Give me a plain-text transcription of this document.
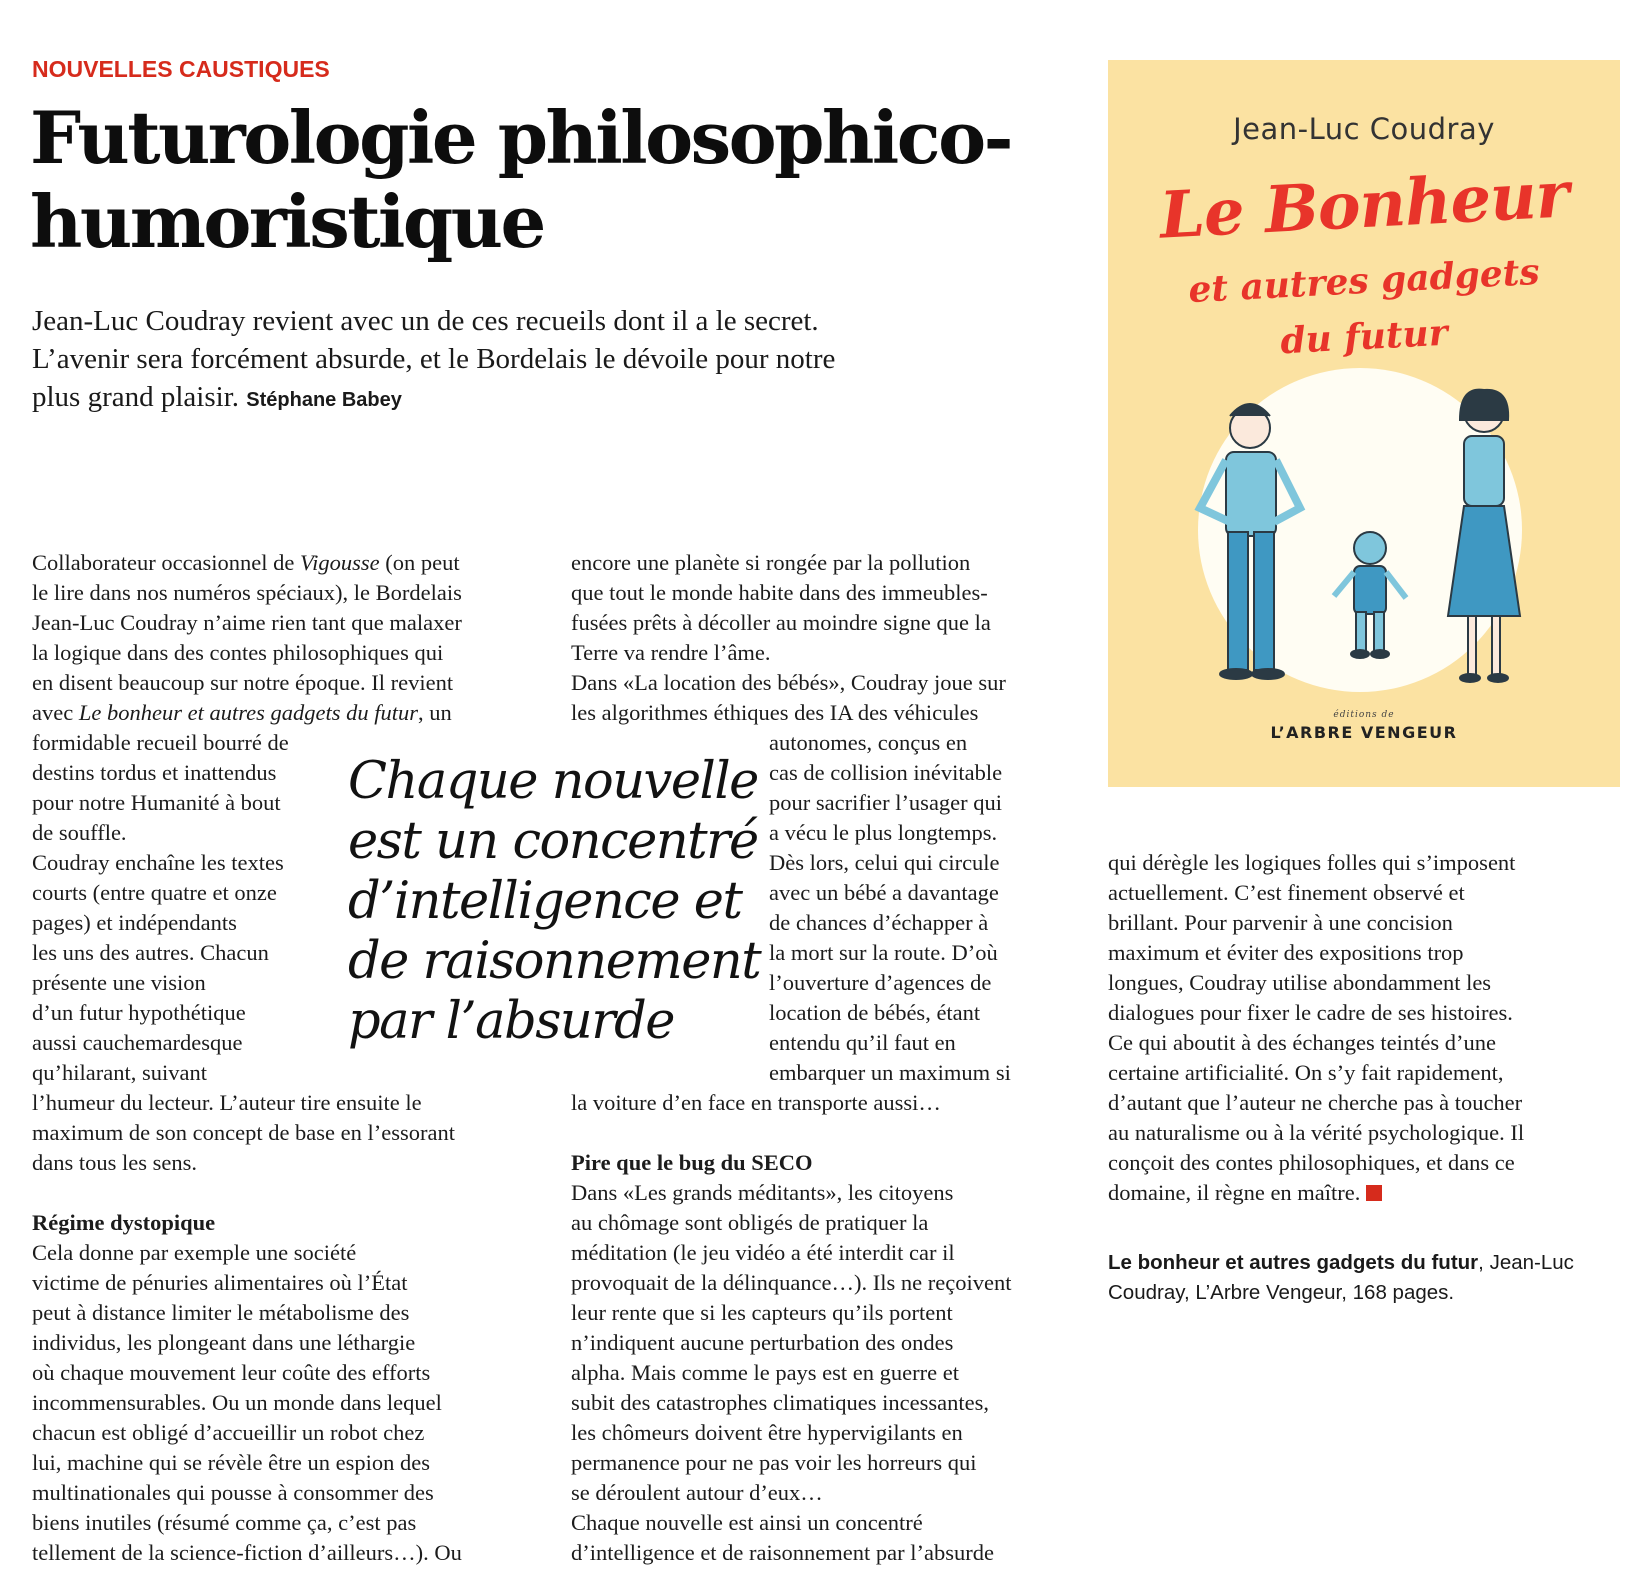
NOUVELLES CAUSTIQUES
Futurologie philosophico-
humoristique
Jean-Luc Coudray revient avec un de ces recueils dont il a le secret.
L’avenir sera forcément absurde, et le Bordelais le dévoile pour notre
plus grand plaisir. Stéphane Babey
Collaborateur occasionnel de Vigousse (on peut
le lire dans nos numéros spéciaux), le Bordelais
Jean-Luc Coudray n’aime rien tant que malaxer
la logique dans des contes philosophiques qui
en disent beaucoup sur notre époque. Il revient
avec Le bonheur et autres gadgets du futur, un
formidable recueil bourré de
destins tordus et inattendus
pour notre Humanité à bout
de souffle.
Coudray enchaîne les textes
courts (entre quatre et onze
pages) et indépendants
les uns des autres. Chacun
présente une vision
d’un futur hypothétique
aussi cauchemardesque
qu’hilarant, suivant
l’humeur du lecteur. L’auteur tire ensuite le
maximum de son concept de base en l’essorant
dans tous les sens.
Régime dystopique
Cela donne par exemple une société
victime de pénuries alimentaires où l’État
peut à distance limiter le métabolisme des
individus, les plongeant dans une léthargie
où chaque mouvement leur coûte des efforts
incommensurables. Ou un monde dans lequel
chacun est obligé d’accueillir un robot chez
lui, machine qui se révèle être un espion des
multinationales qui pousse à consommer des
biens inutiles (résumé comme ça, c’est pas
tellement de la science-fiction d’ailleurs…). Ou
encore une planète si rongée par la pollution
que tout le monde habite dans des immeubles-
fusées prêts à décoller au moindre signe que la
Terre va rendre l’âme.
Dans «La location des bébés», Coudray joue sur
les algorithmes éthiques des IA des véhicules
autonomes, conçus en
cas de collision inévitable
pour sacrifier l’usager qui
a vécu le plus longtemps.
Dès lors, celui qui circule
avec un bébé a davantage
de chances d’échapper à
la mort sur la route. D’où
l’ouverture d’agences de
location de bébés, étant
entendu qu’il faut en
embarquer un maximum si
la voiture d’en face en transporte aussi…
Pire que le bug du SECO
Dans «Les grands méditants», les citoyens
au chômage sont obligés de pratiquer la
méditation (le jeu vidéo a été interdit car il
provoquait de la délinquance…). Ils ne reçoivent
leur rente que si les capteurs qu’ils portent
n’indiquent aucune perturbation des ondes
alpha. Mais comme le pays est en guerre et
subit des catastrophes climatiques incessantes,
les chômeurs doivent être hypervigilants en
permanence pour ne pas voir les horreurs qui
se déroulent autour d’eux…
Chaque nouvelle est ainsi un concentré
d’intelligence et de raisonnement par l’absurde
Chaque nouvelle
est un concentré
d’intelligence et
de raisonnement
par l’absurde
qui dérègle les logiques folles qui s’imposent
actuellement. C’est finement observé et
brillant. Pour parvenir à une concision
maximum et éviter des expositions trop
longues, Coudray utilise abondamment les
dialogues pour fixer le cadre de ses histoires.
Ce qui aboutit à des échanges teintés d’une
certaine artificialité. On s’y fait rapidement,
d’autant que l’auteur ne cherche pas à toucher
au naturalisme ou à la vérité psychologique. Il
conçoit des contes philosophiques, et dans ce
domaine, il règne en maître.
Le bonheur et autres gadgets du futur, Jean-Luc
Coudray, L’Arbre Vengeur, 168 pages.
Jean-Luc Coudray
Le Bonheur
et autres gadgets
du futur
éditions de
L’ARBRE VENGEUR
